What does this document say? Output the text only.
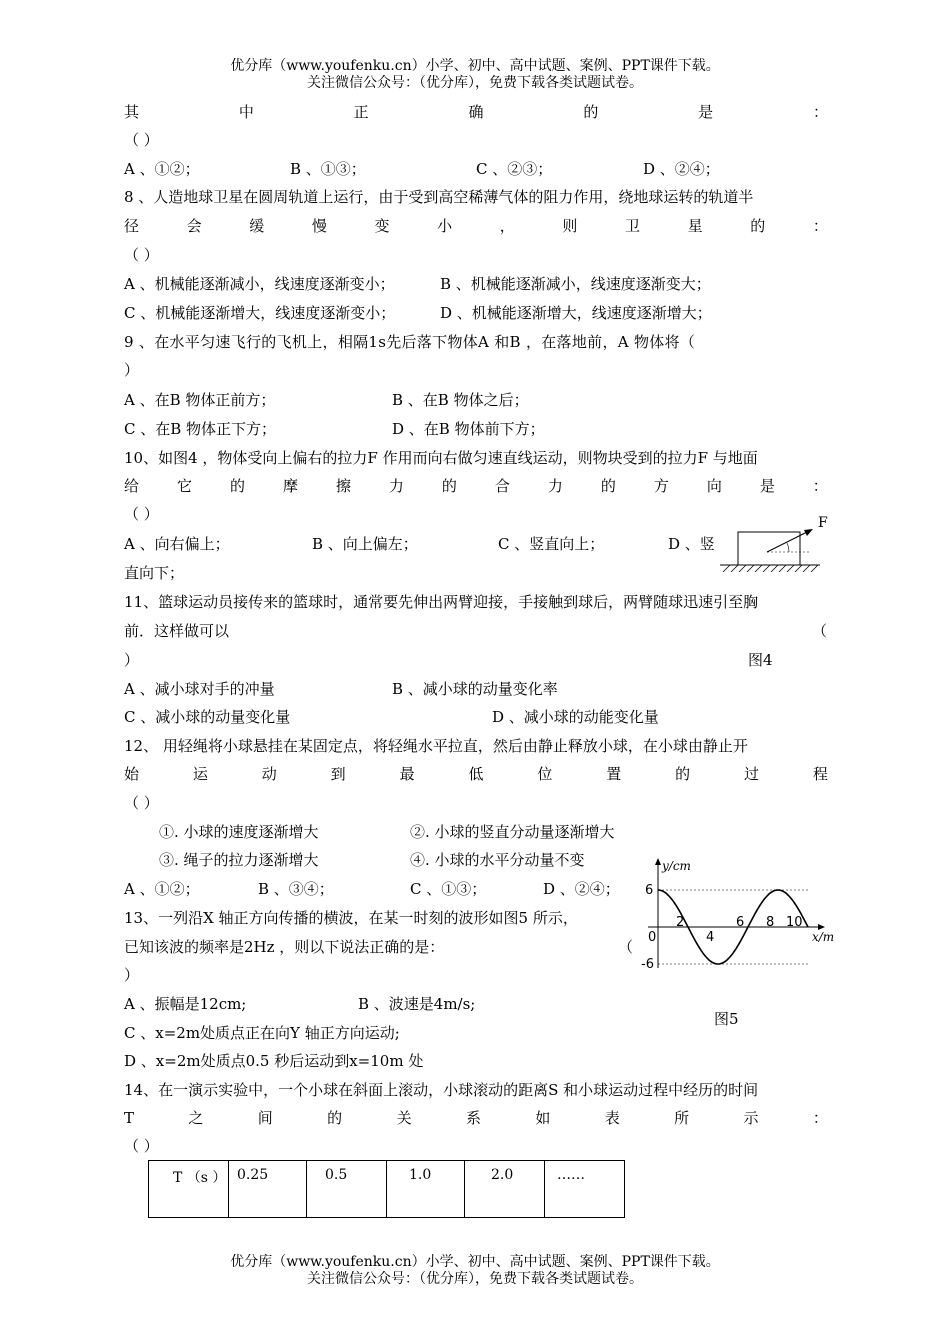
优分库（www.youfenku.cn）小学、初中、高中试题、案例、PPT课件下载。
关注微信公众号：（优分库），免费下载各类试题试卷。
其	中	正	确	的	是	：
（ ）
A 、①②；	B 、①③；	C 、②③；	D 、②④；
8 、人造地球卫星在圆周轨道上运行，由于受到高空稀薄气体的阻力作用，绕地球运转的轨道半
径	会	缓	慢	变	小	，	则	卫	星	的	：
（ ）
A 、机械能逐渐减小，线速度逐渐变小；	B 、机械能逐渐减小，线速度逐渐变大；
C 、机械能逐渐增大，线速度逐渐变小；	D 、机械能逐渐增大，线速度逐渐增大；
9 、在水平匀速飞行的飞机上，相隔1s先后落下物体A 和B ，在落地前，A 物体将（
）
A 、在B 物体正前方；	B 、在B 物体之后；
C 、在B 物体正下方；	D 、在B 物体前下方；
10、如图4 ，物体受向上偏右的拉力F 作用而向右做匀速直线运动，则物块受到的拉力F 与地面
给	它	的	摩	擦	力	的	合	力	的	方	向	是	：
（ ）
A 、向右偏上；	B 、向上偏左；	C 、竖直向上；	D 、竖
直向下；
F
11、篮球运动员接传来的篮球时，通常要先伸出两臂迎接，手接触到球后，两臂随球迅速引至胸
前．这样做可以	（
）	图4
A 、减小球对手的冲量	B 、减小球的动量变化率
C 、减小球的动量变化量	D 、减小球的动能变化量
12、 用轻绳将小球悬挂在某固定点，将轻绳水平拉直，然后由静止释放小球，在小球由静止开
始	运	动	到	最	低	位	置	的	过	程
（ ）
①. 小球的速度逐渐增大	②. 小球的竖直分动量逐渐增大
③. 绳子的拉力逐渐增大	④. 小球的水平分动量不变
A 、①②；	B 、③④；	C 、①③；	D 、②④；
13、一列沿X 轴正方向传播的横波，在某一时刻的波形如图5 所示，
已知该波的频率是2Hz ，则以下说法正确的是：	（
）
A 、振幅是12cm;	B 、波速是4m/s;
C 、x=2m处质点正在向Y 轴正方向运动;
D 、x=2m处质点0.5 秒后运动到x=10m 处
图5
y/cm
x/m
6
-6
0
2
4
6 8 10
14、在一演示实验中，一个小球在斜面上滚动，小球滚动的距离S 和小球运动过程中经历的时间
T	之	间	的	关	系	如	表	所	示	：
（ ）
T （s ）	0.25	0.5	1.0	2.0	……
优分库（www.youfenku.cn）小学、初中、高中试题、案例、PPT课件下载。
关注微信公众号：（优分库），免费下载各类试题试卷。
